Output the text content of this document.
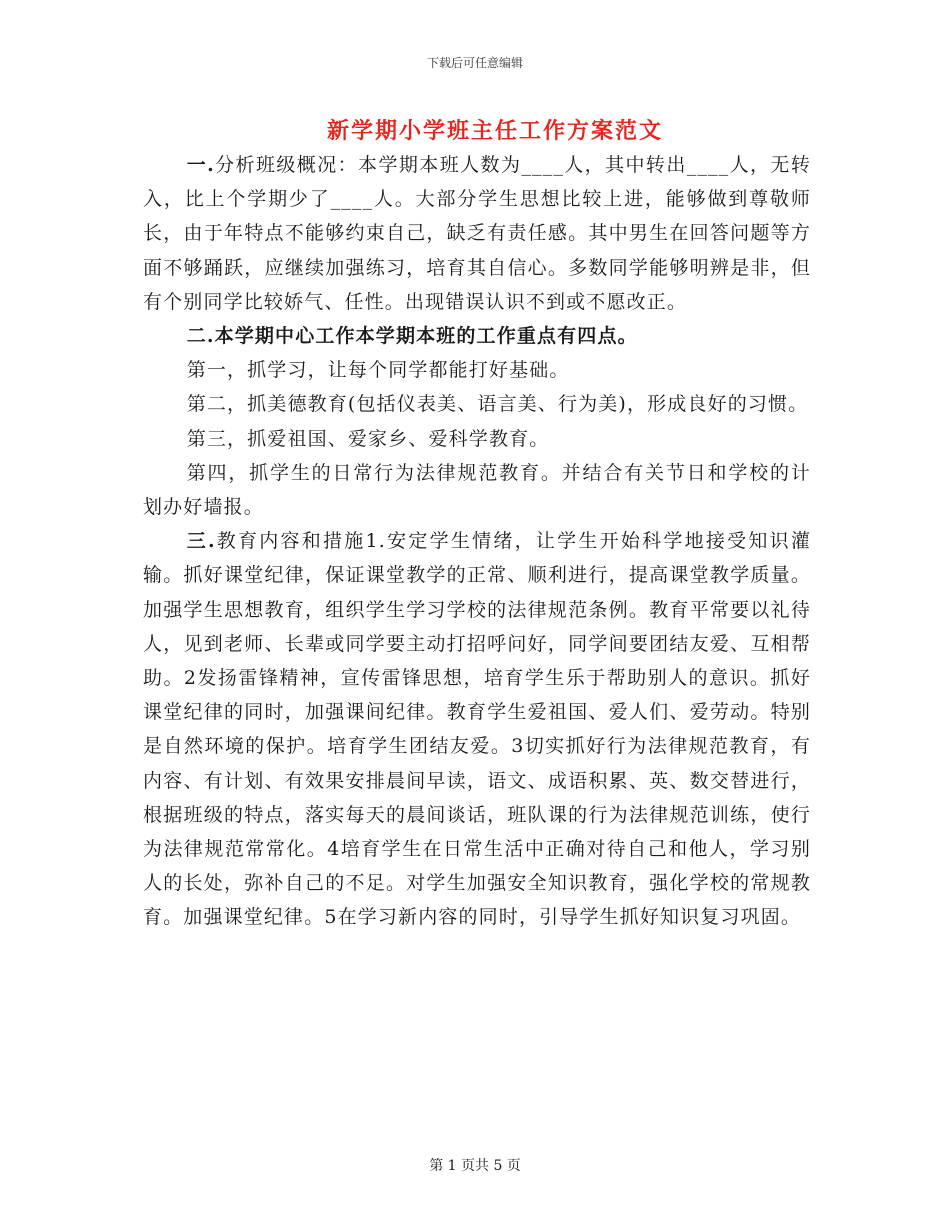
下载后可任意编辑
新学期小学班主任工作方案范文

一.分析班级概况：本学期本班人数为____人，其中转出____人，无转入，比上个学期少了____人。大部分学生思想比较上进，能够做到尊敬师长，由于年特点不能够约束自己，缺乏有责任感。其中男生在回答问题等方面不够踊跃，应继续加强练习，培育其自信心。多数同学能够明辨是非，但有个别同学比较娇气、任性。出现错误认识不到或不愿改正。

二.本学期中心工作本学期本班的工作重点有四点。

第一，抓学习，让每个同学都能打好基础。

第二，抓美德教育(包括仪表美、语言美、行为美)，形成良好的习惯。

第三，抓爱祖国、爱家乡、爱科学教育。

第四，抓学生的日常行为法律规范教育。并结合有关节日和学校的计划办好墙报。

三.教育内容和措施1.安定学生情绪，让学生开始科学地接受知识灌输。抓好课堂纪律，保证课堂教学的正常、顺利进行，提高课堂教学质量。加强学生思想教育，组织学生学习学校的法律规范条例。教育平常要以礼待人，见到老师、长辈或同学要主动打招呼问好，同学间要团结友爱、互相帮助。2发扬雷锋精神，宣传雷锋思想，培育学生乐于帮助别人的意识。抓好课堂纪律的同时，加强课间纪律。教育学生爱祖国、爱人们、爱劳动。特别是自然环境的保护。培育学生团结友爱。3切实抓好行为法律规范教育，有内容、有计划、有效果安排晨间早读，语文、成语积累、英、数交替进行，根据班级的特点，落实每天的晨间谈话，班队课的行为法律规范训练，使行为法律规范常常化。4培育学生在日常生活中正确对待自己和他人，学习别人的长处，弥补自己的不足。对学生加强安全知识教育，强化学校的常规教育。加强课堂纪律。5在学习新内容的同时，引导学生抓好知识复习巩固。

第 1 页共 5 页
